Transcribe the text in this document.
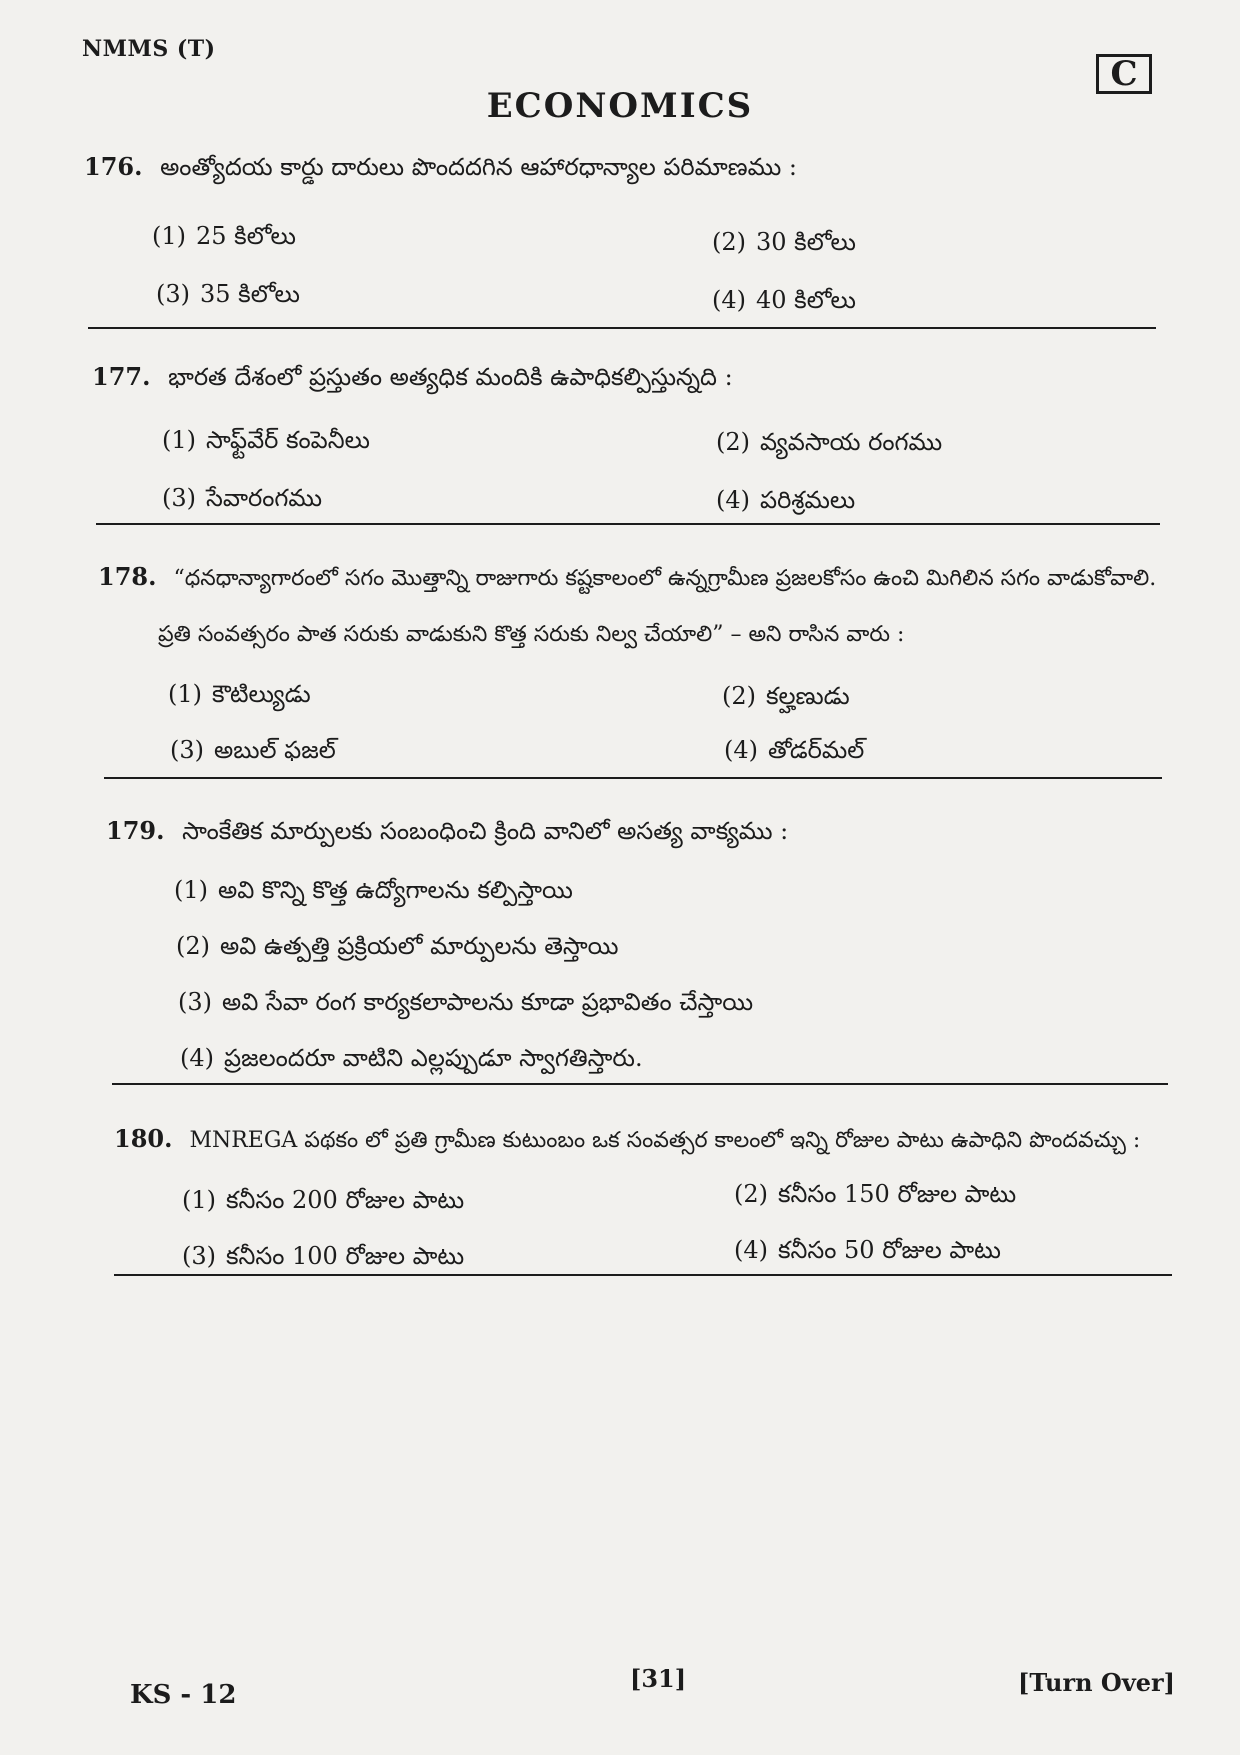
NMMS (T)
C
ECONOMICS
176. అంత్యోదయ కార్డు దారులు పొందదగిన ఆహారధాన్యాల పరిమాణము :
(1) 25 కిలోలు	(2) 30 కిలోలు
(3) 35 కిలోలు	(4) 40 కిలోలు
177. భారత దేశంలో ప్రస్తుతం అత్యధిక మందికి ఉపాధికల్పిస్తున్నది :
(1) సాఫ్ట్‌వేర్ కంపెనీలు	(2) వ్యవసాయ రంగము
(3) సేవారంగము	(4) పరిశ్రమలు
178. “ధనధాన్యాగారంలో సగం మొత్తాన్ని రాజుగారు కష్టకాలంలో ఉన్నగ్రామీణ ప్రజలకోసం ఉంచి మిగిలిన సగం వాడుకోవాలి.
ప్రతి సంవత్సరం పాత సరుకు వాడుకుని కొత్త సరుకు నిల్వ చేయాలి” – అని రాసిన వారు :
(1) కౌటిల్యుడు	(2) కల్హణుడు
(3) అబుల్ ఫజల్	(4) తోడర్‌మల్
179. సాంకేతిక మార్పులకు సంబంధించి క్రింది వానిలో అసత్య వాక్యము :
(1) అవి కొన్ని కొత్త ఉద్యోగాలను కల్పిస్తాయి
(2) అవి ఉత్పత్తి ప్రక్రియలో మార్పులను తెస్తాయి
(3) అవి సేవా రంగ కార్యకలాపాలను కూడా ప్రభావితం చేస్తాయి
(4) ప్రజలందరూ వాటిని ఎల్లప్పుడూ స్వాగతిస్తారు.
180. MNREGA పథకం లో ప్రతి గ్రామీణ కుటుంబం ఒక సంవత్సర కాలంలో ఇన్ని రోజుల పాటు ఉపాధిని పొందవచ్చు :
(1) కనీసం 200 రోజుల పాటు	(2) కనీసం 150 రోజుల పాటు
(3) కనీసం 100 రోజుల పాటు	(4) కనీసం 50 రోజుల పాటు
KS - 12
[31]	[Turn Over]
